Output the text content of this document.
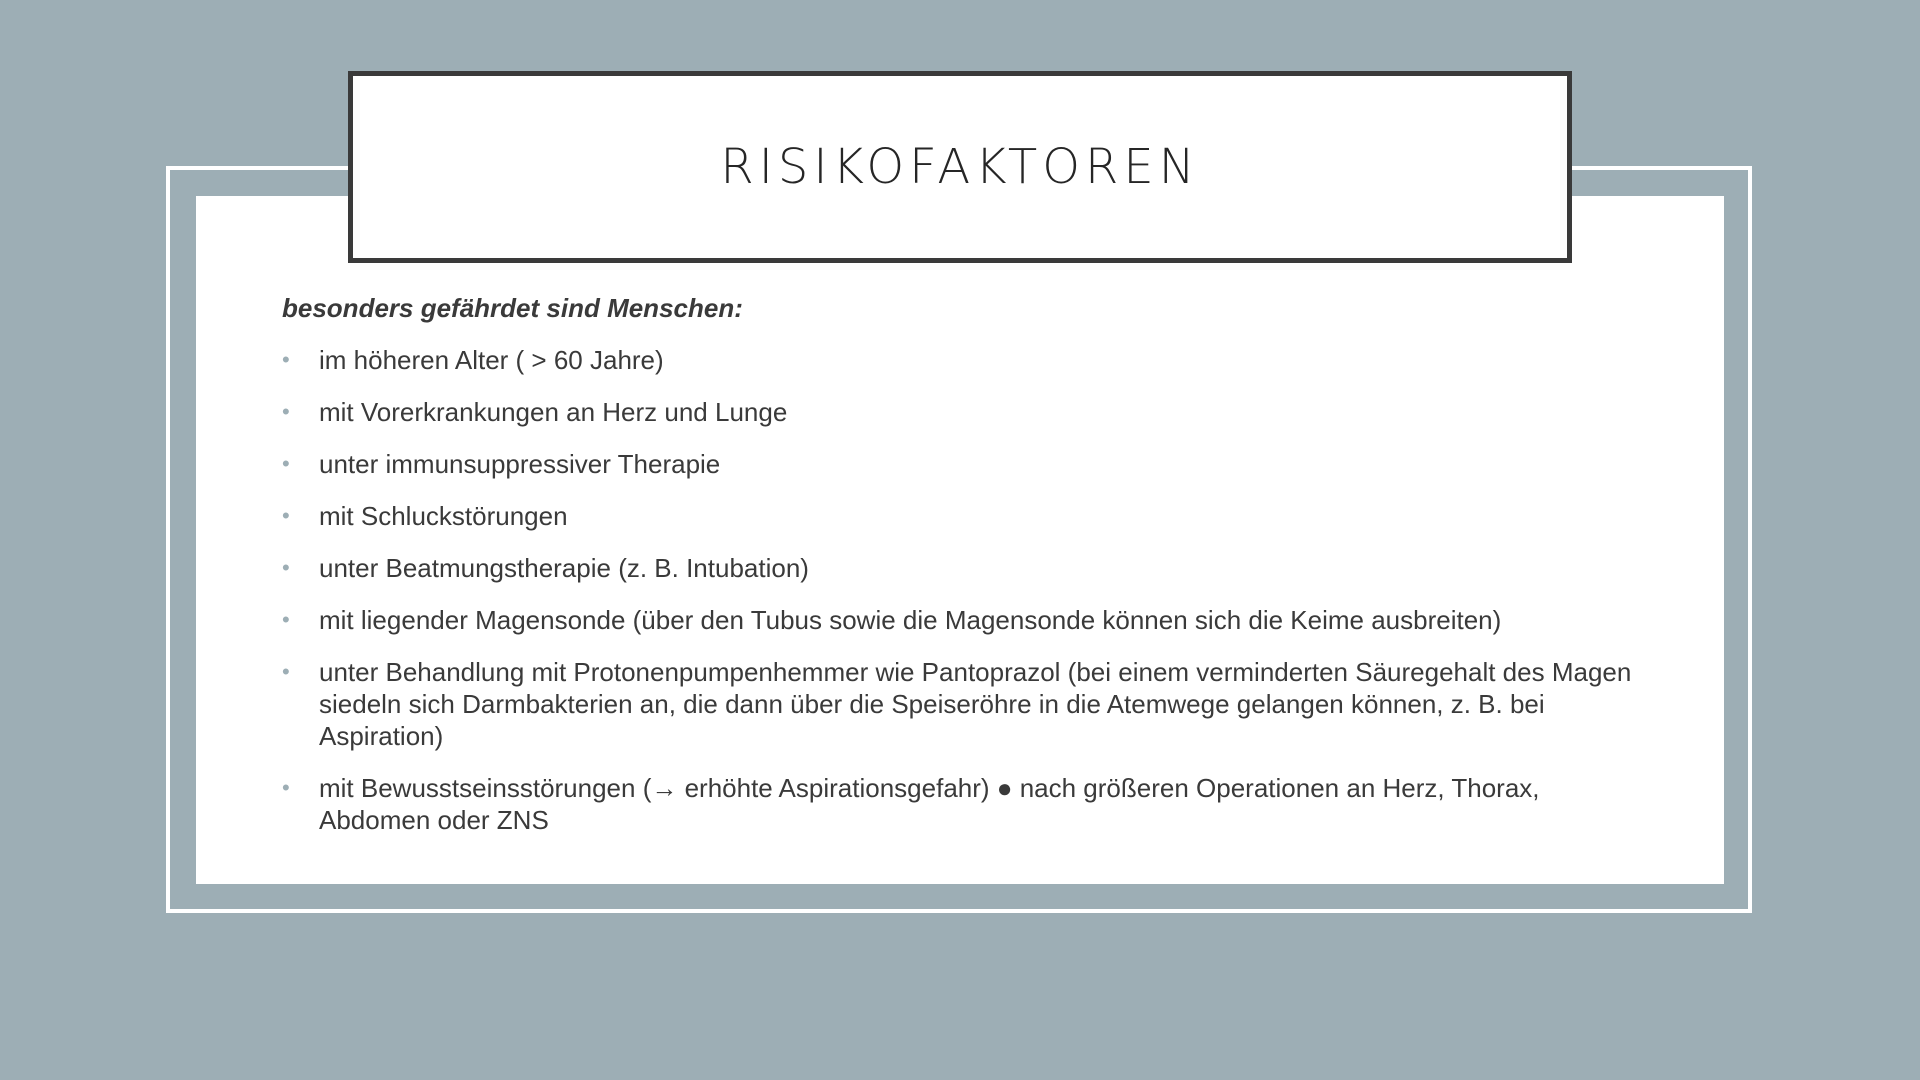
RISIKOFAKTOREN

besonders gefährdet sind Menschen:

• im höheren Alter ( > 60 Jahre)
• mit Vorerkrankungen an Herz und Lunge
• unter immunsuppressiver Therapie
• mit Schluckstörungen
• unter Beatmungstherapie (z. B. Intubation)
• mit liegender Magensonde (über den Tubus sowie die Magensonde können sich die Keime ausbreiten)
• unter Behandlung mit Protonenpumpenhemmer wie Pantoprazol (bei einem verminderten Säuregehalt des Magen siedeln sich Darmbakterien an, die dann über die Speiseröhre in die Atemwege gelangen können, z. B. bei Aspiration)
• mit Bewusstseinsstörungen (→ erhöhte Aspirationsgefahr) ● nach größeren Operationen an Herz, Thorax, Abdomen oder ZNS
